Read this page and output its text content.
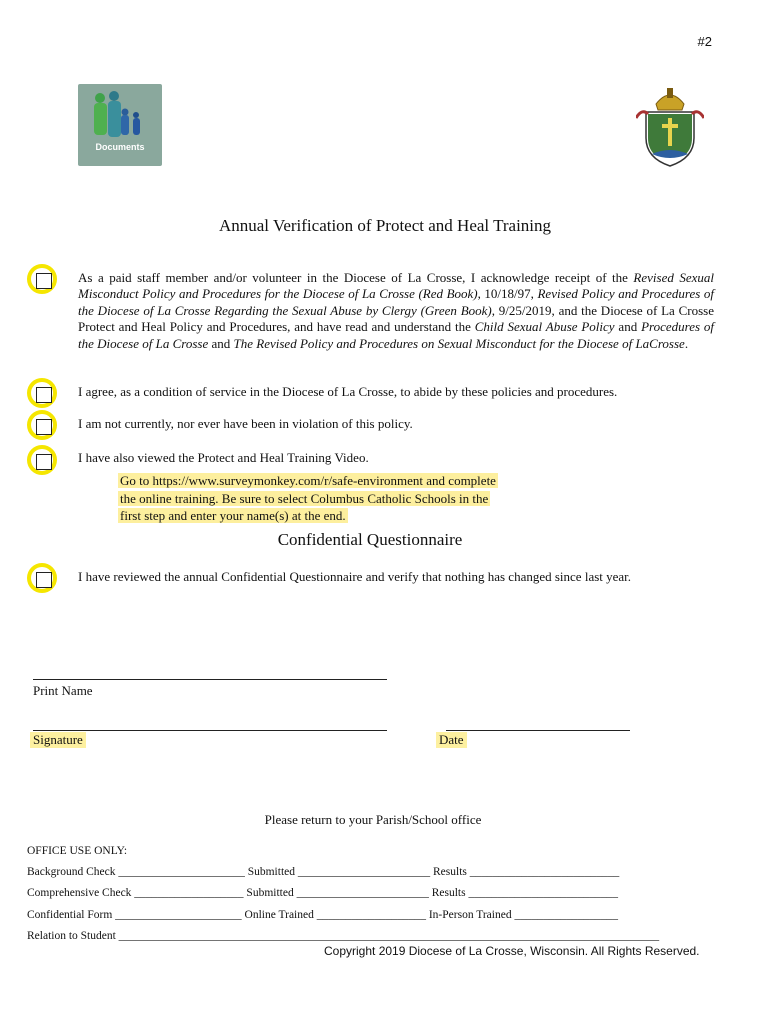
#2
Documents
Annual Verification of Protect and Heal Training
As a paid staff member and/or volunteer in the Diocese of La Crosse, I acknowledge receipt of the Revised Sexual Misconduct Policy and Procedures for the Diocese of La Crosse (Red Book), 10/18/97, Revised Policy and Procedures of the Diocese of La Crosse Regarding the Sexual Abuse by Clergy (Green Book), 9/25/2019, and the Diocese of La Crosse Protect and Heal Policy and Procedures, and have read and understand the Child Sexual Abuse Policy and Procedures of the Diocese of La Crosse and The Revised Policy and Procedures on Sexual Misconduct for the Diocese of LaCrosse.
I agree, as a condition of service in the Diocese of La Crosse, to abide by these policies and procedures.
I am not currently, nor ever have been in violation of this policy.
I have also viewed the Protect and Heal Training Video.
Go to https://www.surveymonkey.com/r/safe-environment and complete
the online training. Be sure to select Columbus Catholic Schools in the
first step and enter your name(s) at the end.
Confidential Questionnaire
I have reviewed the annual Confidential Questionnaire and verify that nothing has changed since last year.
Print Name
Signature	Date
Please return to your Parish/School office
OFFICE USE ONLY:
Background Check ______________________ Submitted _______________________ Results __________________________
Comprehensive Check ___________________ Submitted _______________________ Results __________________________
Confidential Form ______________________ Online Trained ___________________ In-Person Trained __________________
Relation to Student ______________________________________________________________________________________________
Copyright 2019 Diocese of La Crosse, Wisconsin. All Rights Reserved.
